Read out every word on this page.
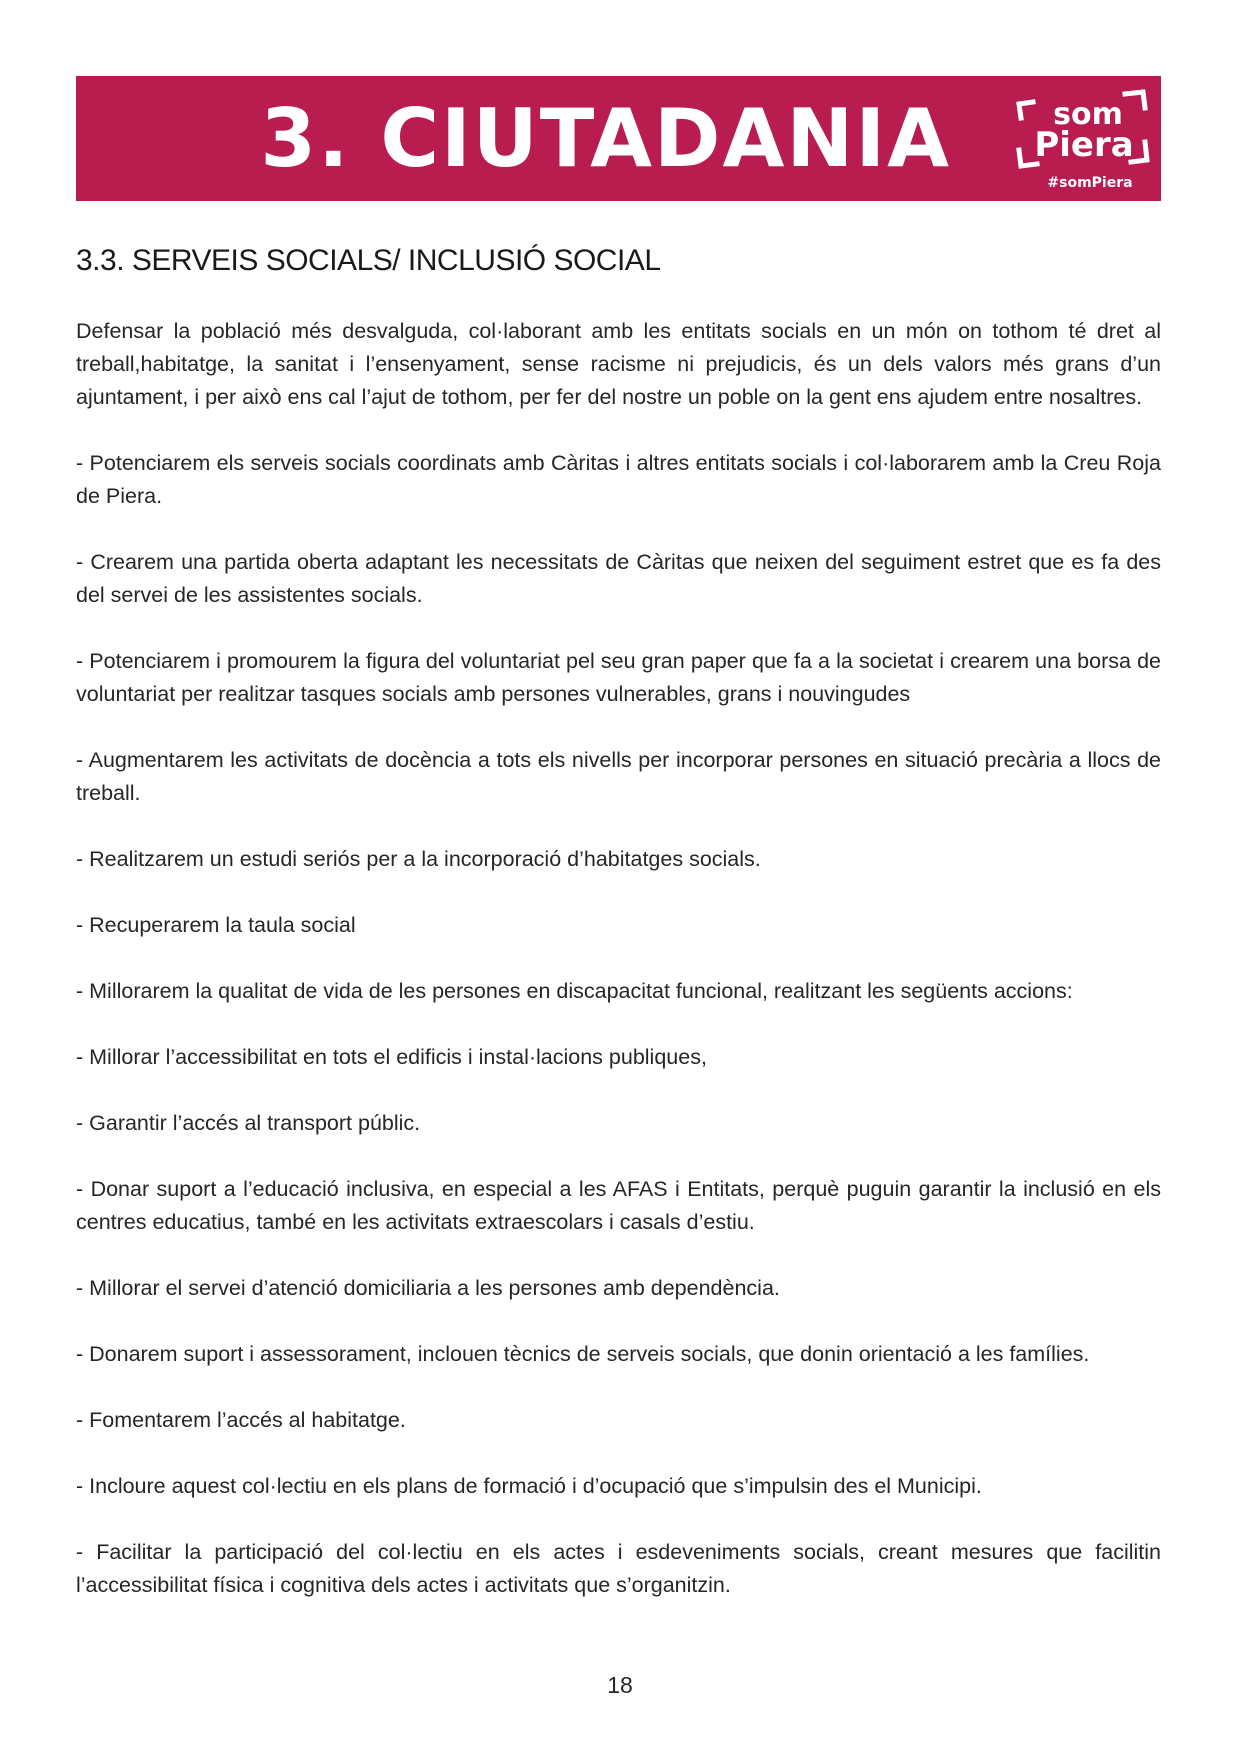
3. CIUTADANIA	som
Piera
#somPiera
3.3. SERVEIS SOCIALS/ INCLUSIÓ SOCIAL

Defensar la població més desvalguda, col·laborant amb les entitats socials en un món on tothom té dret al treball,habitatge, la sanitat i l’ensenyament, sense racisme ni prejudicis, és un dels valors més grans d’un ajuntament, i per això ens cal l’ajut de tothom, per fer del nostre un poble on la gent ens ajudem entre nosaltres.

- Potenciarem els serveis socials coordinats amb Càritas i altres entitats socials i col·laborarem amb la Creu Roja de Piera.

- Crearem una partida oberta adaptant les necessitats de Càritas que neixen del seguiment estret que es fa des del servei de les assistentes socials.

- Potenciarem i promourem la figura del voluntariat pel seu gran paper que fa a la societat i crearem una borsa de voluntariat per realitzar tasques socials amb persones vulnerables, grans i nouvingudes

- Augmentarem les activitats de docència a tots els nivells per incorporar persones en situació precària a llocs de treball.

- Realitzarem un estudi seriós per a la incorporació d’habitatges socials.

- Recuperarem la taula social

- Millorarem la qualitat de vida de les persones en discapacitat funcional, realitzant les següents accions:

- Millorar l’accessibilitat en tots el edificis i instal·lacions publiques,

- Garantir l’accés al transport públic.

- Donar suport a l’educació inclusiva, en especial a les AFAS i Entitats, perquè puguin garantir la inclusió en els centres educatius, també en les activitats extraescolars i casals d’estiu.

- Millorar el servei d’atenció domiciliaria a les persones amb dependència.

- Donarem suport i assessorament, inclouen tècnics de serveis socials, que donin orientació a les famílies.

- Fomentarem l’accés al habitatge.

- Incloure aquest col·lectiu en els plans de formació i d’ocupació que s’impulsin des el Municipi.

- Facilitar la participació del col·lectiu en els actes i esdeveniments socials, creant mesures que facilitin l’accessibilitat física i cognitiva dels actes i activitats que s’organitzin.

18
